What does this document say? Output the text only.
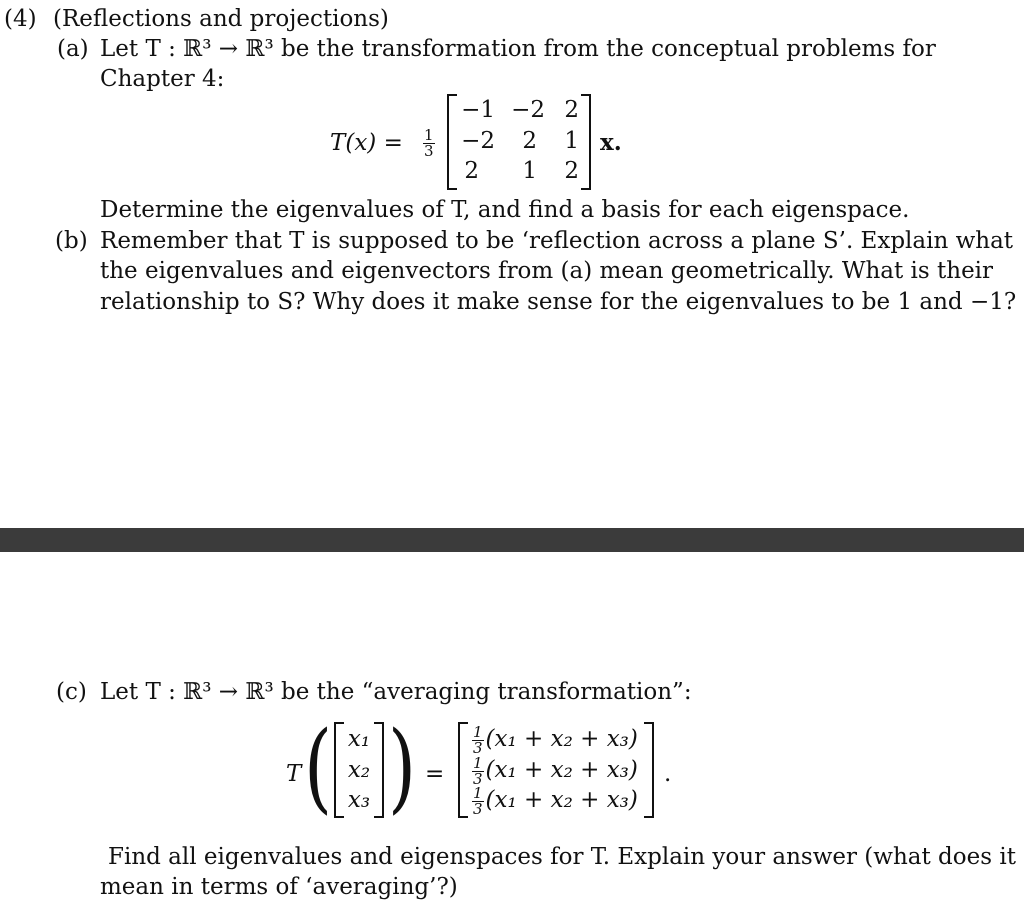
(4) (Reflections and projections)
(a) Let T : ℝ³ → ℝ³ be the transformation from the conceptual problems for
Chapter 4:
$T(x) = \frac{1}{3}$
−1 −2 2
−2	2	1
2	1	2
x.
Determine the eigenvalues of T, and find a basis for each eigenspace.
(b) Remember that T is supposed to be ‘reflection across a plane S’. Explain what
the eigenvalues and eigenvectors from (a) mean geometrically. What is their
relationship to S? Why does it make sense for the eigenvalues to be 1 and −1?
(c) Let T : ℝ³ → ℝ³ be the “averaging transformation”:
T ( x₁
x₂
x₃ ) =
$\frac{1}{3} (x_1 + x_2 + x_3)$
$\frac{1}{3} (x_1 + x_2 + x_3)$
$\frac{1}{3} (x_1 + x_2 + x_3)$
.
Find all eigenvalues and eigenspaces for T. Explain your answer (what does it
mean in terms of ‘averaging’?)
